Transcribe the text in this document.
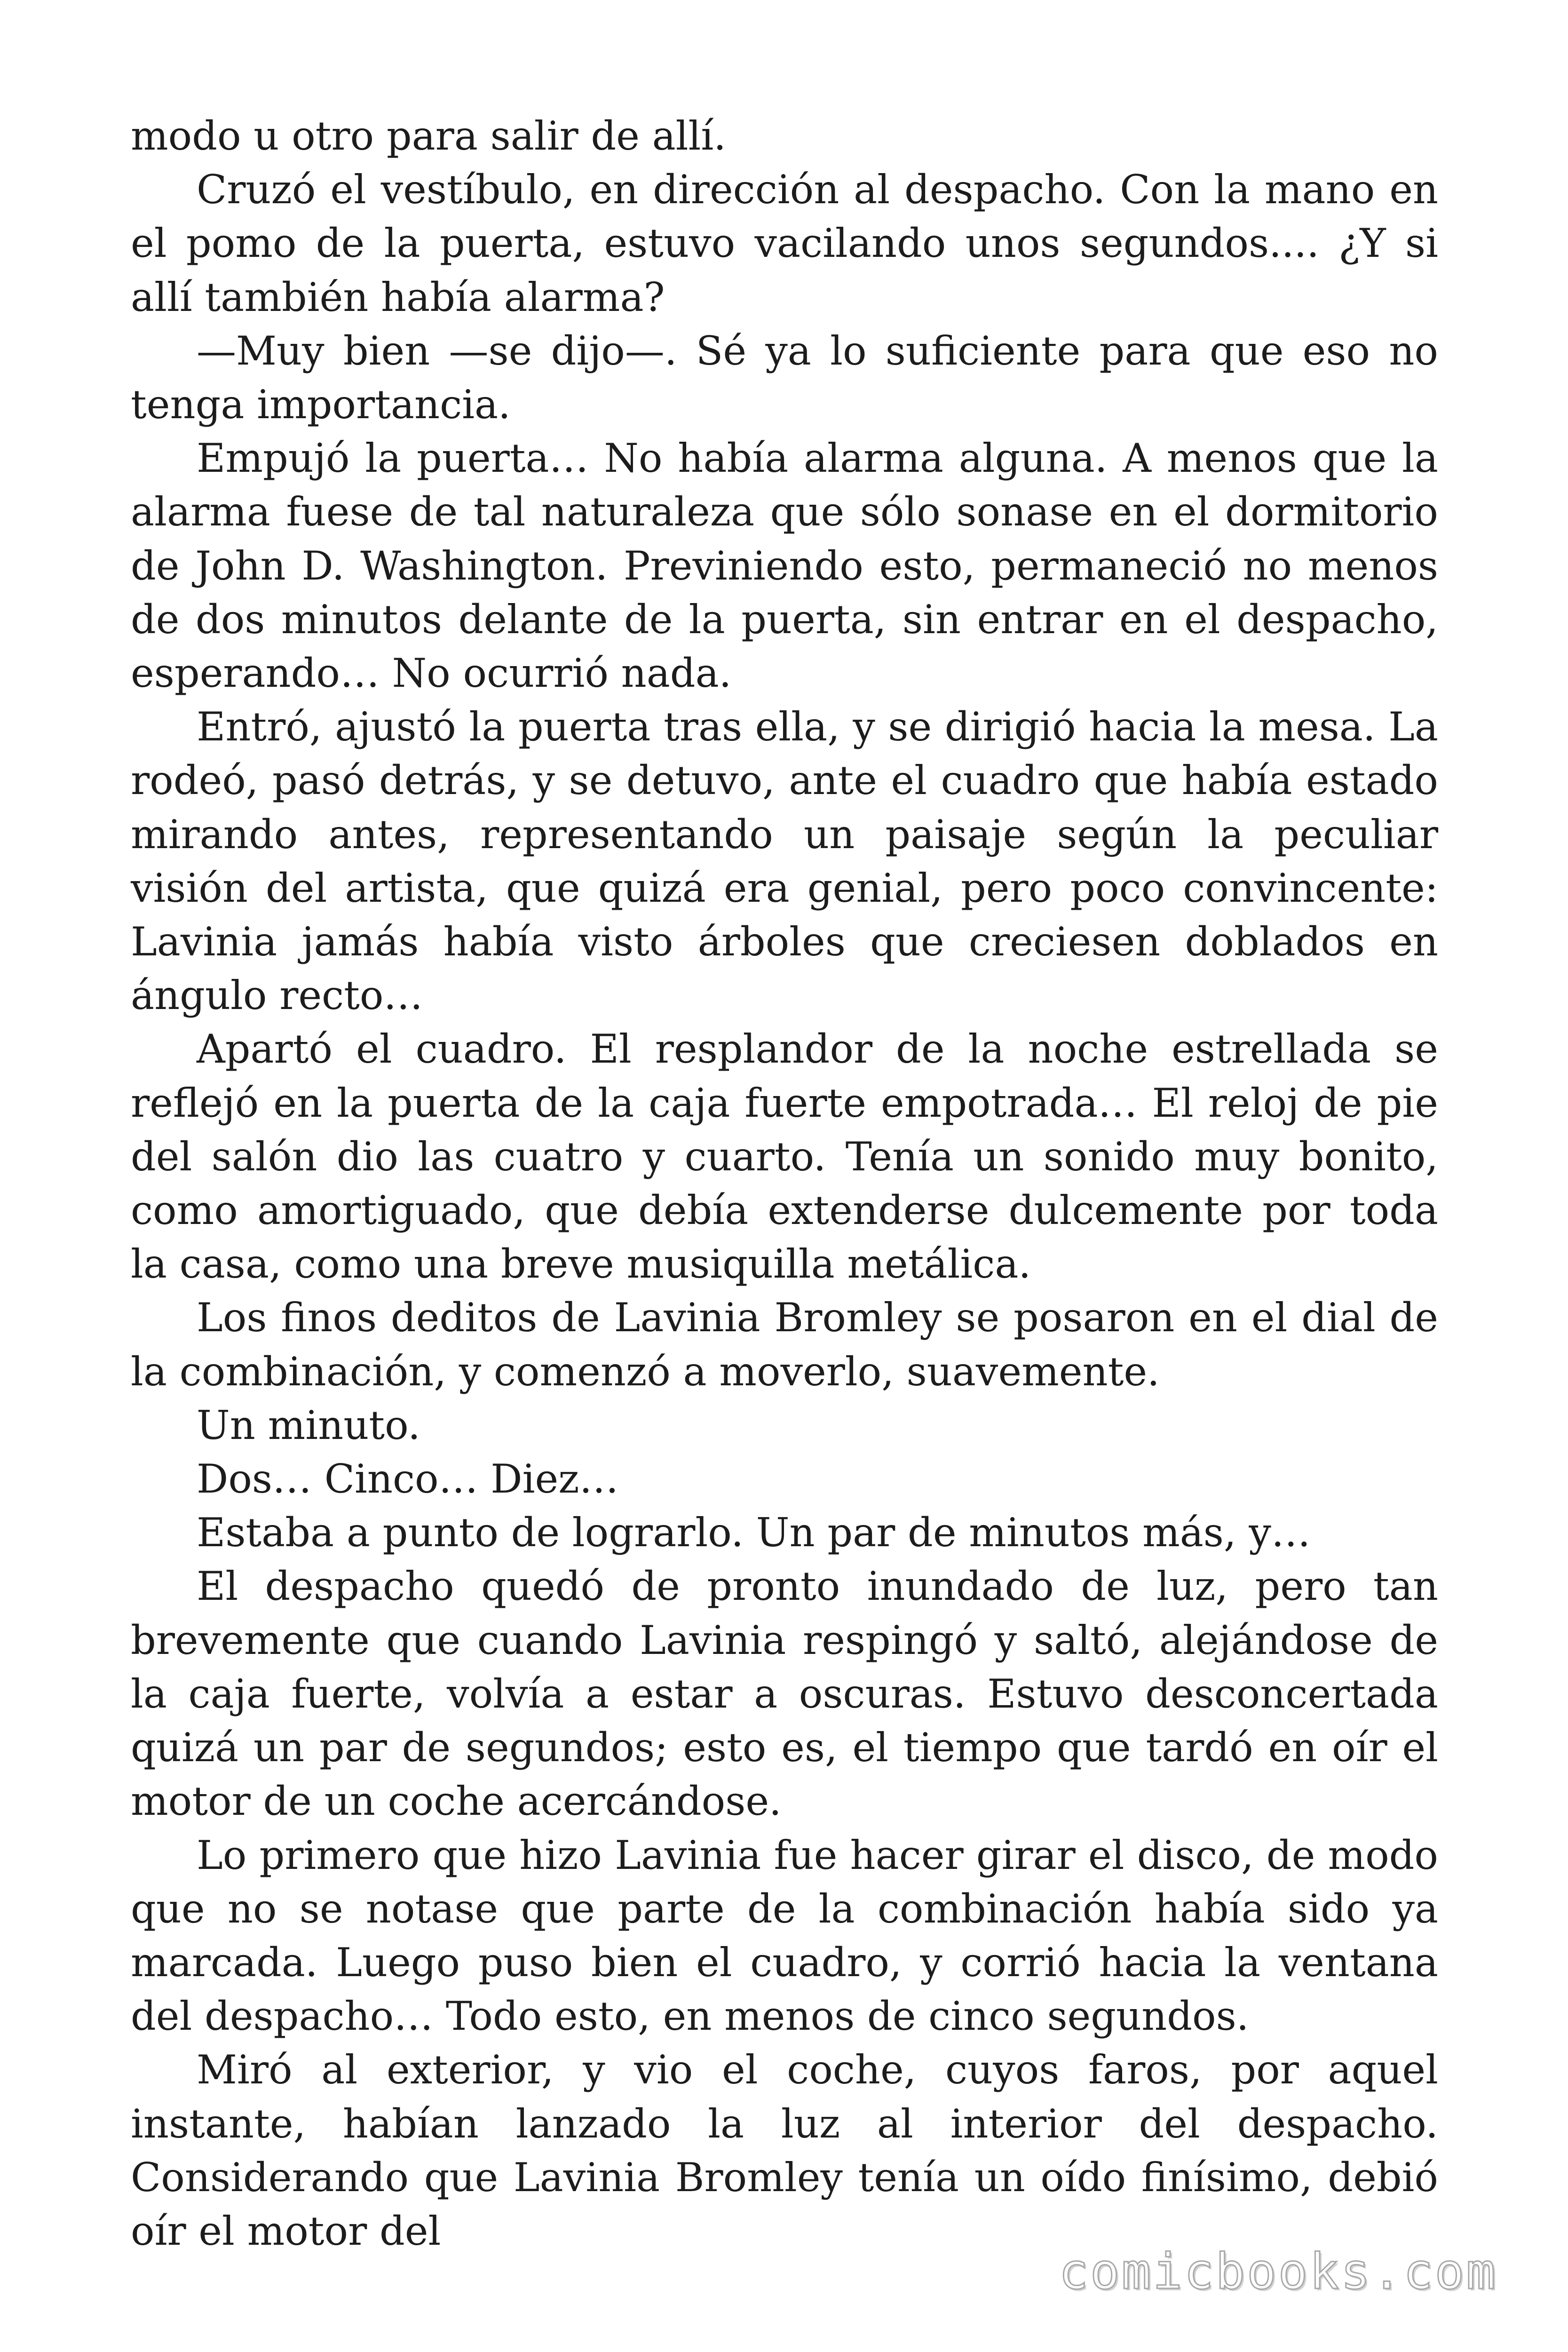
modo u otro para salir de allí.

Cruzó el vestíbulo, en dirección al despacho. Con la mano en el pomo de la puerta, estuvo vacilando unos segundos.... ¿Y si allí también había alarma?

—Muy bien —se dijo—. Sé ya lo suficiente para que eso no tenga importancia.

Empujó la puerta… No había alarma alguna. A menos que la alarma fuese de tal naturaleza que sólo sonase en el dormitorio de John D. Washington. Previniendo esto, permaneció no menos de dos minutos delante de la puerta, sin entrar en el despacho, esperando… No ocurrió nada.

Entró, ajustó la puerta tras ella, y se dirigió hacia la mesa. La rodeó, pasó detrás, y se detuvo, ante el cuadro que había estado mirando antes, representando un paisaje según la peculiar visión del artista, que quizá era genial, pero poco convincente: Lavinia jamás había visto árboles que creciesen doblados en ángulo recto…

Apartó el cuadro. El resplandor de la noche estrellada se reflejó en la puerta de la caja fuerte empotrada… El reloj de pie del salón dio las cuatro y cuarto. Tenía un sonido muy bonito, como amortiguado, que debía extenderse dulcemente por toda la casa, como una breve musiquilla metálica.

Los finos deditos de Lavinia Bromley se posaron en el dial de la combinación, y comenzó a moverlo, suavemente.

Un minuto.

Dos… Cinco… Diez…

Estaba a punto de lograrlo. Un par de minutos más, y…

El despacho quedó de pronto inundado de luz, pero tan brevemente que cuando Lavinia respingó y saltó, alejándose de la caja fuerte, volvía a estar a oscuras. Estuvo desconcertada quizá un par de segundos; esto es, el tiempo que tardó en oír el motor de un coche acercándose.

Lo primero que hizo Lavinia fue hacer girar el disco, de modo que no se notase que parte de la combinación había sido ya marcada. Luego puso bien el cuadro, y corrió hacia la ventana del despacho… Todo esto, en menos de cinco segundos.

Miró al exterior, y vio el coche, cuyos faros, por aquel instante, habían lanzado la luz al interior del despacho. Considerando que Lavinia Bromley tenía un oído finísimo, debió oír el motor del

comicbooks.com
